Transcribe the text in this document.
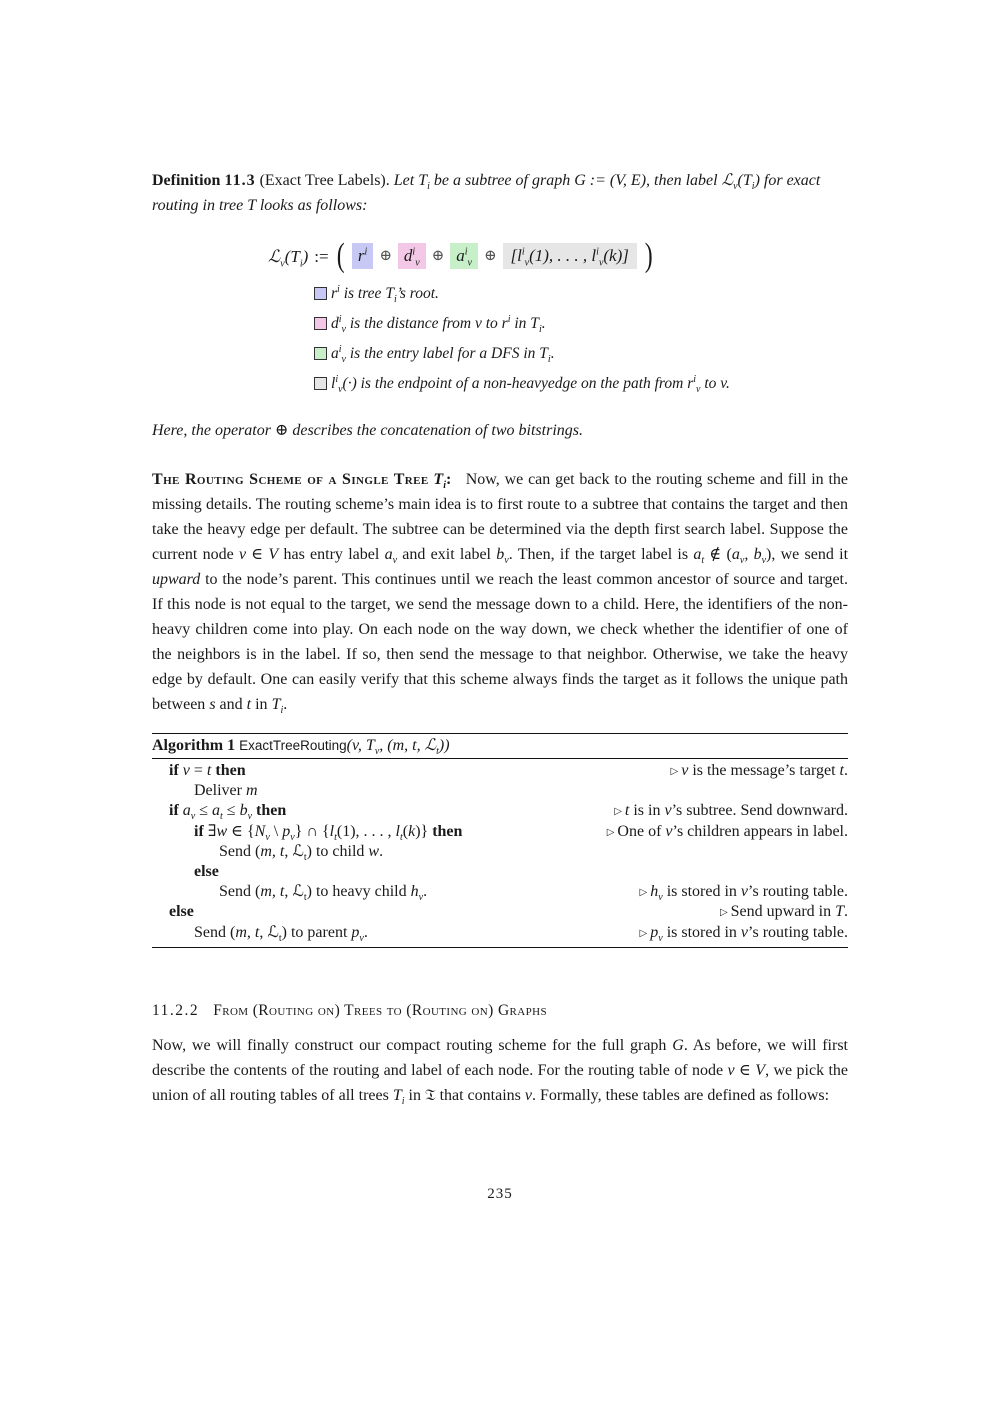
Definition 11.3 (Exact Tree Labels). Let $T_i$ be a subtree of graph G := (V, E), then label $ℒ_v(T_i)$ for exact routing in tree T looks as follows:
$ℒ_v(T_i)$ := ( $r^i$ ⊕ $d^i_v$ ⊕ $a^i_v$ ⊕ [$l^i_v(1)$, . . . , $l^i_v(k)$] )
$r^i$ is tree $T_i’s$ root.
$d^i_v$ is the distance from v to $r^i$ in $T_i$.
$a^i_v$ is the entry label for a DFS in $T_i$.
$l^i_v(\cdot)$ is the endpoint of a non-heavyedge on the path from $r^i_v$ to v.
Here, the operator ⊕ describes the concatenation of two bitstrings.
The Routing Scheme of a Single Tree $T_i$:   Now, we can get back to the routing scheme and fill in the missing details. The routing scheme’s main idea is to first route to a subtree that contains the target and then take the heavy edge per default. The subtree can be determined via the depth first search label. Suppose the current node v ∈ V has entry label $a_v$ and exit label $b_v$. Then, if the target label is $a_t$ ∉ ($a_v$, $b_v$), we send it upward to the node’s parent. This continues until we reach the least common ancestor of source and target. If this node is not equal to the target, we send the message down to a child. Here, the identifiers of the non-heavy children come into play. On each node on the way down, we check whether the identifier of one of the neighbors is in the label. If so, then send the message to that neighbor. Otherwise, we take the heavy edge by default. One can easily verify that this scheme always finds the target as it follows the unique path between s and t in $T_i$.
Algorithm 1 ExactTreeRouting(v, $T_v$, (m, t, ℒ$_t$))
if v = t then	▷ v is the message’s target t.
Deliver m
if $a_v \le a_t \le b_v$ then	▷ t is in v’s subtree. Send downward.
if ∃w ∈ {$N_v$ \ $p_v$} ∩ {$l_t(1)$, . . . , $l_t(k)$} then	▷ One of v’s children appears in label.
Send (m, t, ℒ$_t$) to child w.
else
Send (m, t, ℒ$_t$) to heavy child $h_v$.	▷ $h_v$ is stored in v’s routing table.
else	▷ Send upward in T.
Send (m, t, ℒ$_t$) to parent $p_v$.	▷ $p_v$ is stored in v’s routing table.
11.2.2 From (Routing on) Trees to (Routing on) Graphs
Now, we will finally construct our compact routing scheme for the full graph G. As before, we will first describe the contents of the routing and label of each node. For the routing table of node v ∈ V, we pick the union of all routing tables of all trees $T_i$ in 𝔗 that contains v. Formally, these tables are defined as follows:
235
